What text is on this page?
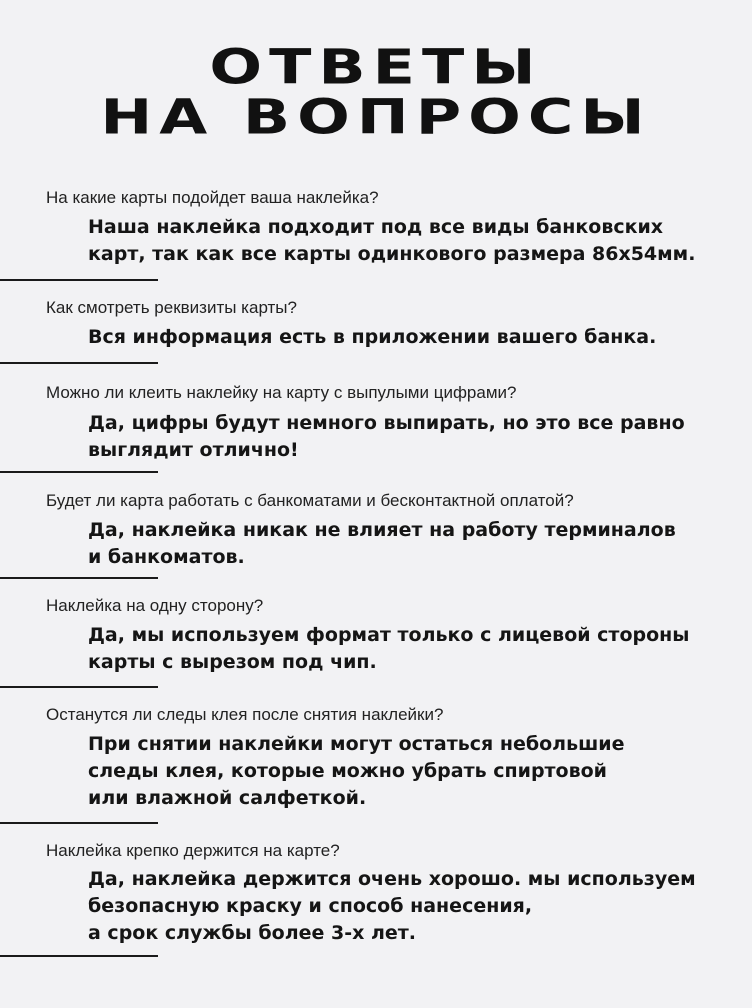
ОТВЕТЫ
НА ВОПРОСЫ
На какие карты подойдет ваша наклейка?
Наша наклейка подходит под все виды банковских
карт, так как все карты одинкового размера 86х54мм.
Как смотреть реквизиты карты?
Вся информация есть в приложении вашего банка.
Можно ли клеить наклейку на карту с выпулыми цифрами?
Да, цифры будут немного выпирать, но это все равно
выглядит отлично!
Будет ли карта работать с банкоматами и бесконтактной оплатой?
Да, наклейка никак не влияет на работу терминалов
и банкоматов.
Наклейка на одну сторону?
Да, мы используем формат только с лицевой стороны
карты с вырезом под чип.
Останутся ли следы клея после снятия наклейки?
При снятии наклейки могут остаться небольшие
следы клея, которые можно убрать спиртовой
или влажной салфеткой.
Наклейка крепко держится на карте?
Да, наклейка держится очень хорошо. мы используем
безопасную краску и способ нанесения,
а срок службы более 3-х лет.
